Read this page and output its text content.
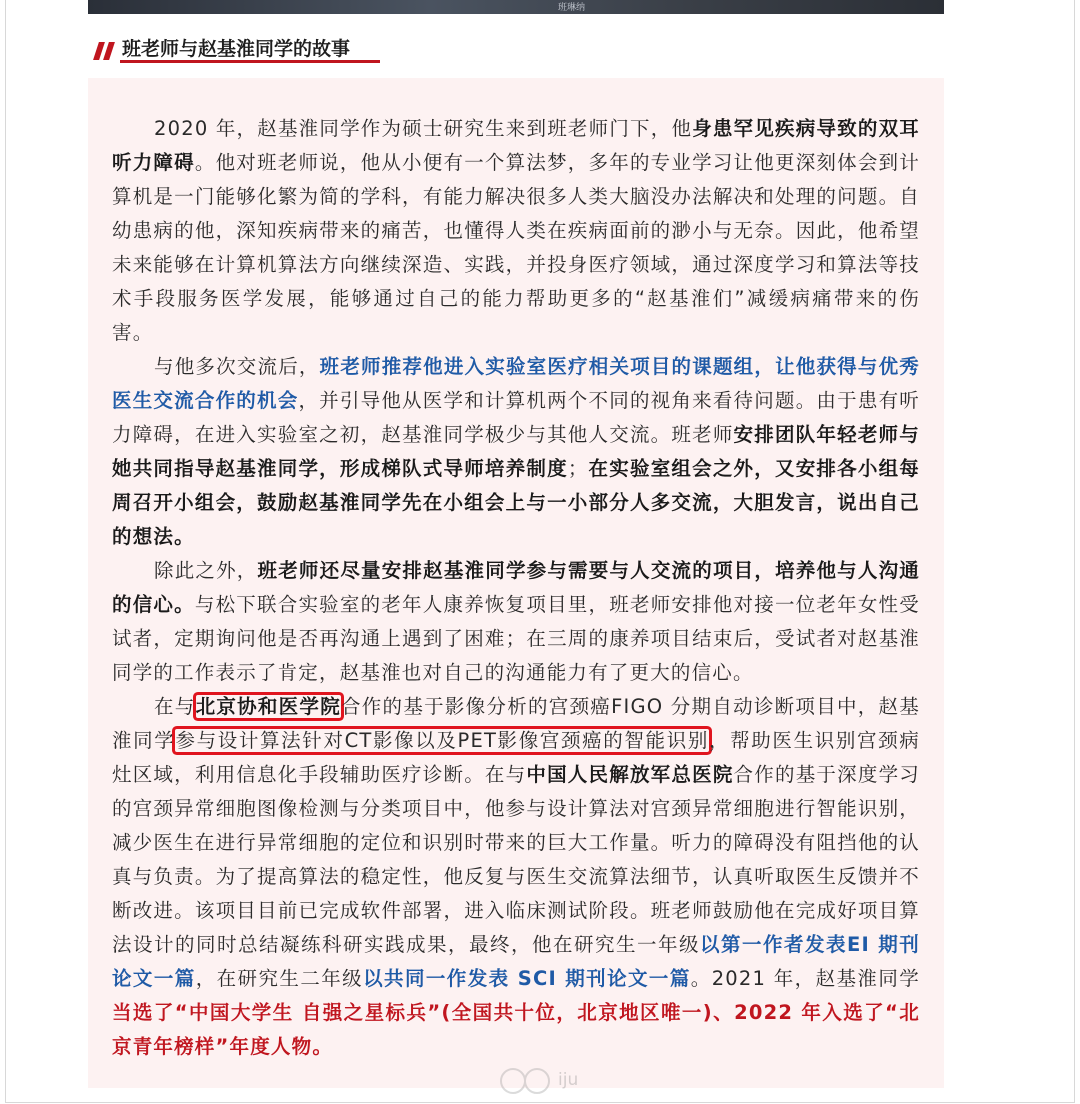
班琳纳
班老师与赵基淮同学的故事

2020 年，赵基淮同学作为硕士研究生来到班老师门下，他身患罕见疾病导致的双耳听力障碍。他对班老师说，他从小便有一个算法梦，多年的专业学习让他更深刻体会到计算机是一门能够化繁为简的学科，有能力解决很多人类大脑没办法解决和处理的问题。自幼患病的他，深知疾病带来的痛苦，也懂得人类在疾病面前的渺小与无奈。因此，他希望未来能够在计算机算法方向继续深造、实践，并投身医疗领域，通过深度学习和算法等技术手段服务医学发展，能够通过自己的能力帮助更多的“赵基淮们”减缓病痛带来的伤害。

与他多次交流后，班老师推荐他进入实验室医疗相关项目的课题组，让他获得与优秀医生交流合作的机会，并引导他从医学和计算机两个不同的视角来看待问题。由于患有听力障碍，在进入实验室之初，赵基淮同学极少与其他人交流。班老师安排团队年轻老师与她共同指导赵基淮同学，形成梯队式导师培养制度；在实验室组会之外，又安排各小组每周召开小组会，鼓励赵基淮同学先在小组会上与一小部分人多交流，大胆发言，说出自己的想法。

除此之外，班老师还尽量安排赵基淮同学参与需要与人交流的项目，培养他与人沟通的信心。与松下联合实验室的老年人康养恢复项目里，班老师安排他对接一位老年女性受试者，定期询问他是否再沟通上遇到了困难；在三周的康养项目结束后，受试者对赵基淮同学的工作表示了肯定，赵基淮也对自己的沟通能力有了更大的信心。

在与北京协和医学院合作的基于影像分析的宫颈癌FIGO 分期自动诊断项目中，赵基淮同学参与设计算法针对CT影像以及PET影像宫颈癌的智能识别，帮助医生识别宫颈病灶区域，利用信息化手段辅助医疗诊断。在与中国人民解放军总医院合作的基于深度学习的宫颈异常细胞图像检测与分类项目中，他参与设计算法对宫颈异常细胞进行智能识别，减少医生在进行异常细胞的定位和识别时带来的巨大工作量。听力的障碍没有阻挡他的认真与负责。为了提高算法的稳定性，他反复与医生交流算法细节，认真听取医生反馈并不断改进。该项目目前已完成软件部署，进入临床测试阶段。班老师鼓励他在完成好项目算法设计的同时总结凝练科研实践成果，最终，他在研究生一年级以第一作者发表EI 期刊论文一篇，在研究生二年级以共同一作发表 SCI 期刊论文一篇。2021 年，赵基淮同学当选了“中国大学生 自强之星标兵”(全国共十位，北京地区唯一)、2022 年入选了“北京青年榜样”年度人物。

iju
